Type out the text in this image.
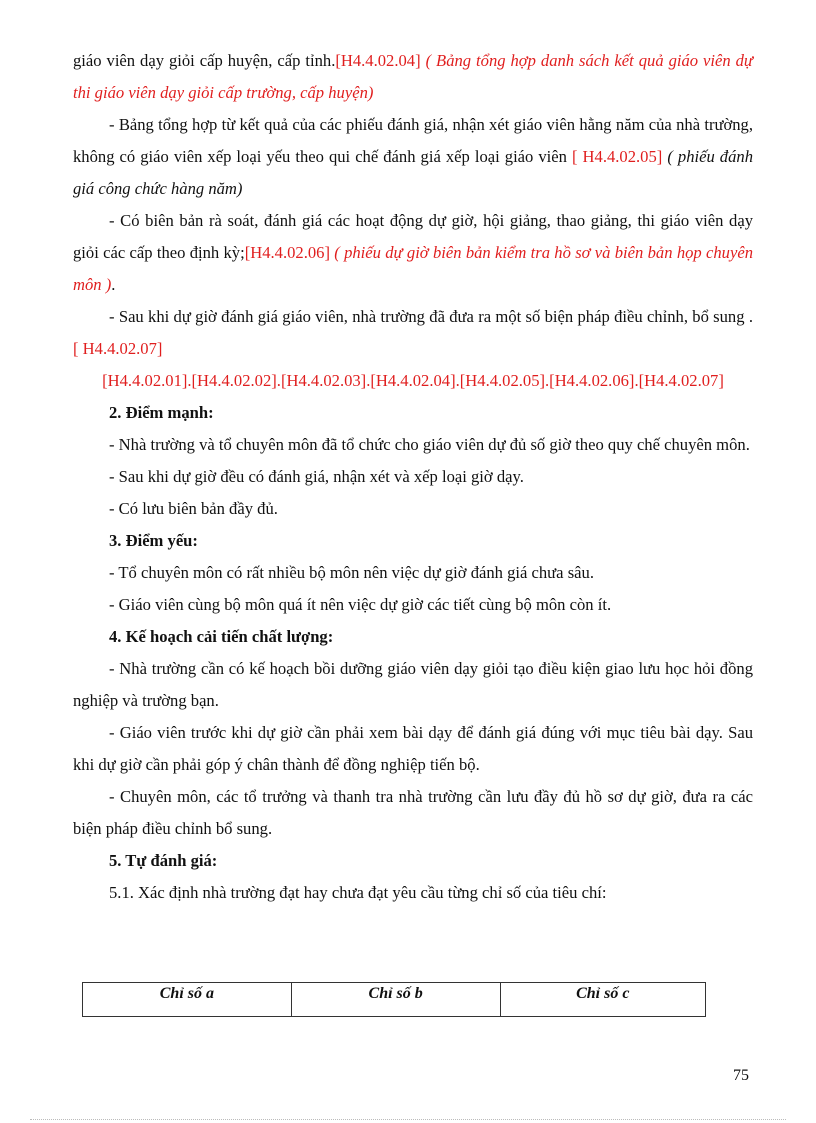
giáo viên dạy giỏi cấp huyện, cấp tỉnh.[H4.4.02.04] ( Bảng tổng hợp danh sách kết quả giáo viên dự thi giáo viên dạy giỏi cấp trường, cấp huyện)

- Bảng tổng hợp từ kết quả của các phiếu đánh giá, nhận xét giáo viên hằng năm của nhà trường, không có giáo viên xếp loại yếu theo qui chế đánh giá xếp loại giáo viên [ H4.4.02.05] ( phiếu đánh giá công chức hàng năm)

- Có biên bản rà soát, đánh giá các hoạt động dự giờ, hội giảng, thao giảng, thi giáo viên dạy giỏi các cấp theo định kỳ;[H4.4.02.06] ( phiếu dự giờ biên bản kiểm tra hồ sơ và biên bản họp chuyên môn ).

- Sau khi dự giờ đánh giá giáo viên, nhà trường đã đưa ra một số biện pháp điều chỉnh, bổ sung . [ H4.4.02.07]

[H4.4.02.01].[H4.4.02.02].[H4.4.02.03].[H4.4.02.04].[H4.4.02.05].[H4.4.02.06].[H4.4.02.07]

2. Điểm mạnh:

- Nhà trường và tổ chuyên môn đã tổ chức cho giáo viên dự đủ số giờ theo quy chế chuyên môn.

- Sau khi dự giờ đều có đánh giá, nhận xét và xếp loại giờ dạy.

- Có lưu biên bản đầy đủ.

3. Điểm yếu:

- Tổ chuyên môn có rất nhiều bộ môn nên việc dự giờ đánh giá chưa sâu.

- Giáo viên cùng bộ môn quá ít nên việc dự giờ các tiết cùng bộ môn còn ít.

4. Kế hoạch cải tiến chất lượng:

- Nhà trường cần có kế hoạch bồi dưỡng giáo viên dạy giỏi tạo điều kiện giao lưu học hỏi đồng nghiệp và trường bạn.

- Giáo viên trước khi dự giờ cần phải xem bài dạy để đánh giá đúng với mục tiêu bài dạy. Sau khi dự giờ cần phải góp ý chân thành để đồng nghiệp tiến bộ.

- Chuyên môn, các tổ trưởng và thanh tra nhà trường cần lưu đầy đủ hồ sơ dự giờ, đưa ra các biện pháp điều chỉnh bổ sung.

5. Tự đánh giá:

5.1. Xác định nhà trường đạt hay chưa đạt yêu cầu từng chỉ số của tiêu chí:

Chỉ số a	Chỉ số b	Chỉ số c
75
